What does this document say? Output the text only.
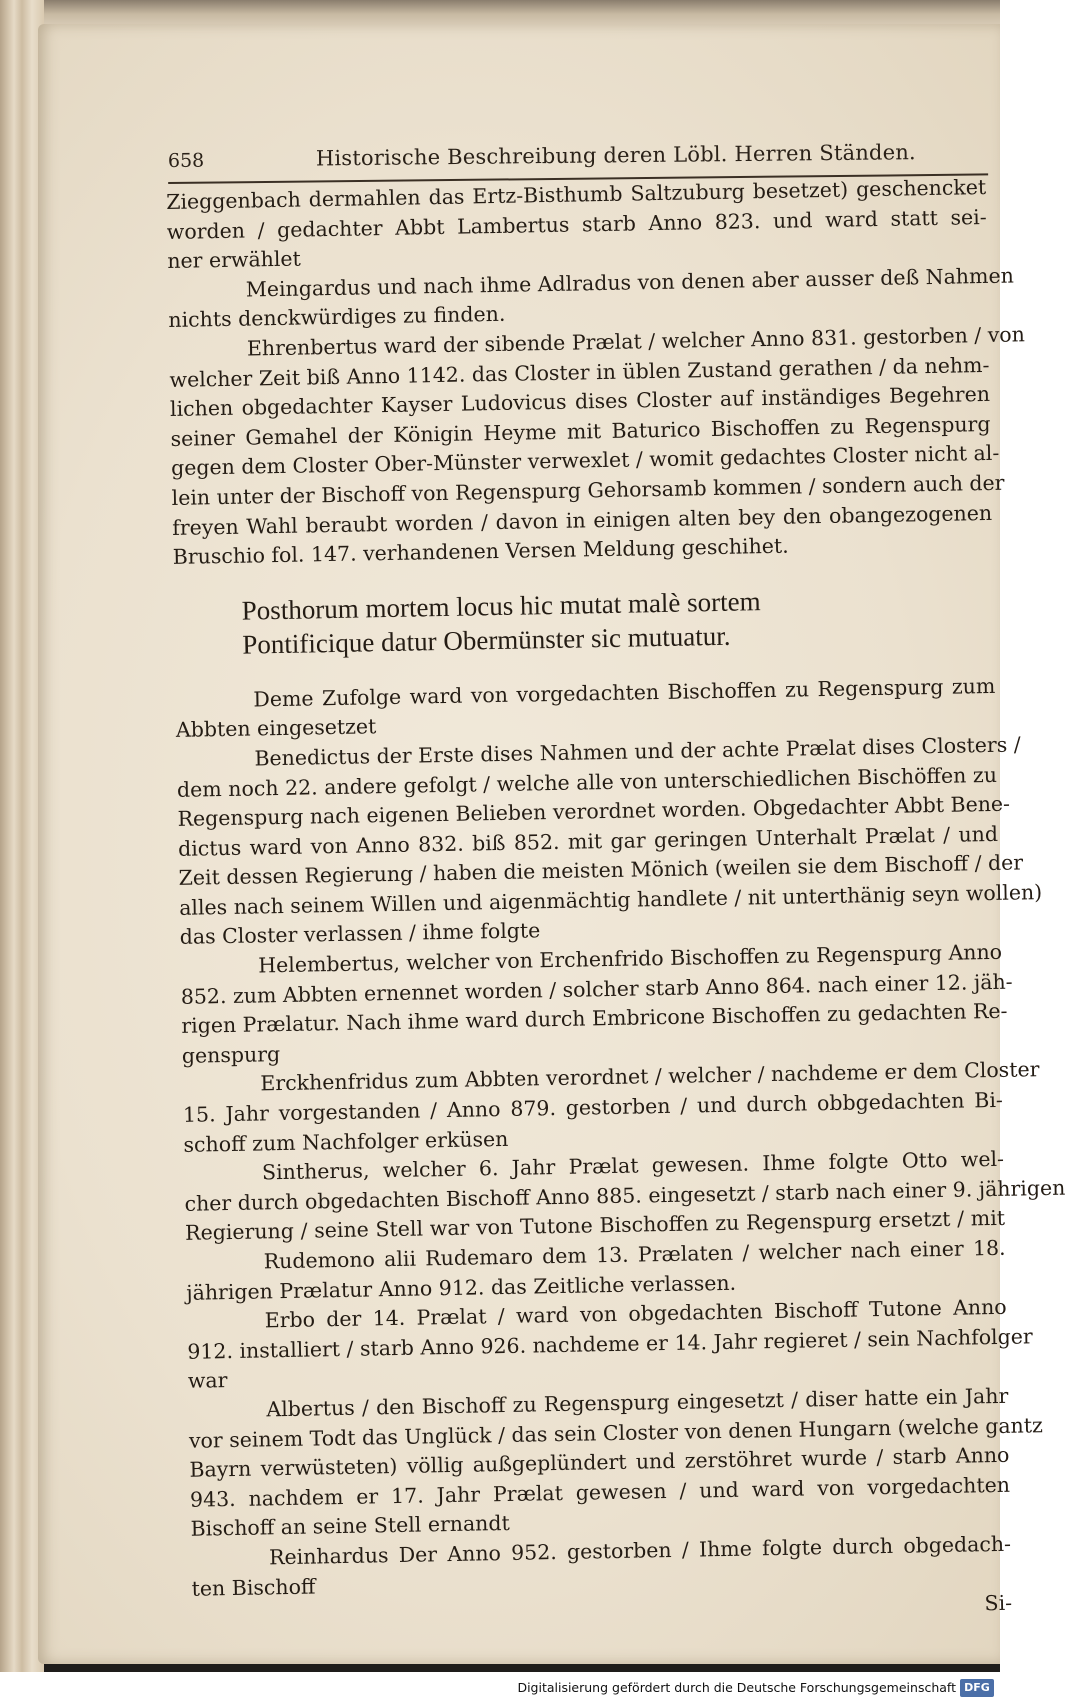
658	Historische Beschreibung deren Löbl. Herren Ständen.
Zieggenbach dermahlen das Ertz-Bisthumb Saltzuburg besetzet) geschencket
worden / gedachter Abbt Lambertus starb Anno 823. und ward statt sei-
ner erwählet
Meingardus und nach ihme Adlradus von denen aber ausser deß Nahmen
nichts denckwürdiges zu finden.
Ehrenbertus ward der sibende Prælat / welcher Anno 831. gestorben / von
welcher Zeit biß Anno 1142. das Closter in üblen Zustand gerathen / da nehm-
lichen obgedachter Kayser Ludovicus dises Closter auf inständiges Begehren
seiner Gemahel der Königin Heyme mit Baturico Bischoffen zu Regenspurg
gegen dem Closter Ober-Münster verwexlet / womit gedachtes Closter nicht al-
lein unter der Bischoff von Regenspurg Gehorsamb kommen / sondern auch der
freyen Wahl beraubt worden / davon in einigen alten bey den obangezogenen
Bruschio fol. 147. verhandenen Versen Meldung geschihet.
Posthorum mortem locus hic mutat malè sortem
Pontificique datur Obermünster sic mutuatur.
Deme Zufolge ward von vorgedachten Bischoffen zu Regenspurg zum
Abbten eingesetzet
Benedictus der Erste dises Nahmen und der achte Prælat dises Closters /
dem noch 22. andere gefolgt / welche alle von unterschiedlichen Bischöffen zu
Regenspurg nach eigenen Belieben verordnet worden. Obgedachter Abbt Bene-
dictus ward von Anno 832. biß 852. mit gar geringen Unterhalt Prælat / und
Zeit dessen Regierung / haben die meisten Mönich (weilen sie dem Bischoff / der
alles nach seinem Willen und aigenmächtig handlete / nit unterthänig seyn wollen)
das Closter verlassen / ihme folgte
Helembertus, welcher von Erchenfrido Bischoffen zu Regenspurg Anno
852. zum Abbten ernennet worden / solcher starb Anno 864. nach einer 12. jäh-
rigen Prælatur. Nach ihme ward durch Embricone Bischoffen zu gedachten Re-
genspurg
Erckhenfridus zum Abbten verordnet / welcher / nachdeme er dem Closter
15. Jahr vorgestanden / Anno 879. gestorben / und durch obbgedachten Bi-
schoff zum Nachfolger erküsen
Sintherus, welcher 6. Jahr Prælat gewesen. Ihme folgte Otto wel-
cher durch obgedachten Bischoff Anno 885. eingesetzt / starb nach einer 9. jährigen
Regierung / seine Stell war von Tutone Bischoffen zu Regenspurg ersetzt / mit
Rudemono alii Rudemaro dem 13. Prælaten / welcher nach einer 18.
jährigen Prælatur Anno 912. das Zeitliche verlassen.
Erbo der 14. Prælat / ward von obgedachten Bischoff Tutone Anno
912. installiert / starb Anno 926. nachdeme er 14. Jahr regieret / sein Nachfolger
war
Albertus / den Bischoff zu Regenspurg eingesetzt / diser hatte ein Jahr
vor seinem Todt das Unglück / das sein Closter von denen Hungarn (welche gantz
Bayrn verwüsteten) völlig außgeplündert und zerstöhret wurde / starb Anno
943. nachdem er 17. Jahr Prælat gewesen / und ward von vorgedachten
Bischoff an seine Stell ernandt
Reinhardus Der Anno 952. gestorben / Ihme folgte durch obgedach-
ten Bischoff
Si-
Digitalisierung gefördert durch die Deutsche Forschungsgemeinschaft DFG
